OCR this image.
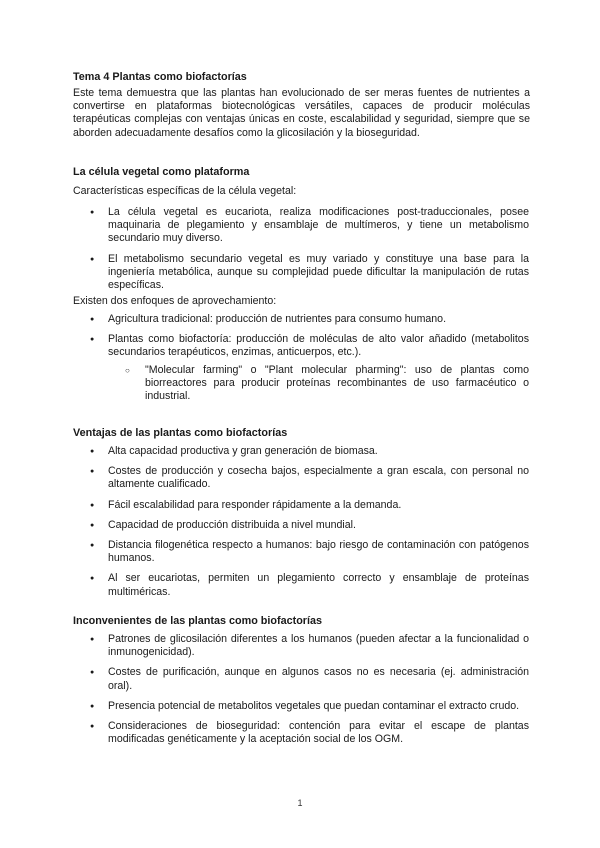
Tema 4 Plantas como biofactorías
Este tema demuestra que las plantas han evolucionado de ser meras fuentes de nutrientes a convertirse en plataformas biotecnológicas versátiles, capaces de producir moléculas terapéuticas complejas con ventajas únicas en coste, escalabilidad y seguridad, siempre que se aborden adecuadamente desafíos como la glicosilación y la bioseguridad.
La célula vegetal como plataforma
Características específicas de la célula vegetal:
● La célula vegetal es eucariota, realiza modificaciones post-traduccionales, posee maquinaria de plegamiento y ensamblaje de multímeros, y tiene un metabolismo secundario muy diverso.
● El metabolismo secundario vegetal es muy variado y constituye una base para la ingeniería metabólica, aunque su complejidad puede dificultar la manipulación de rutas específicas.
Existen dos enfoques de aprovechamiento:
● Agricultura tradicional: producción de nutrientes para consumo humano.
● Plantas como biofactoría: producción de moléculas de alto valor añadido (metabolitos secundarios terapéuticos, enzimas, anticuerpos, etc.).
○ "Molecular farming" o "Plant molecular pharming": uso de plantas como biorreactores para producir proteínas recombinantes de uso farmacéutico o industrial.
Ventajas de las plantas como biofactorías
● Alta capacidad productiva y gran generación de biomasa.
● Costes de producción y cosecha bajos, especialmente a gran escala, con personal no altamente cualificado.
● Fácil escalabilidad para responder rápidamente a la demanda.
● Capacidad de producción distribuida a nivel mundial.
● Distancia filogenética respecto a humanos: bajo riesgo de contaminación con patógenos humanos.
● Al ser eucariotas, permiten un plegamiento correcto y ensamblaje de proteínas multiméricas.
Inconvenientes de las plantas como biofactorías
● Patrones de glicosilación diferentes a los humanos (pueden afectar a la funcionalidad o inmunogenicidad).
● Costes de purificación, aunque en algunos casos no es necesaria (ej. administración oral).
● Presencia potencial de metabolitos vegetales que puedan contaminar el extracto crudo.
● Consideraciones de bioseguridad: contención para evitar el escape de plantas modificadas genéticamente y la aceptación social de los OGM.
1
